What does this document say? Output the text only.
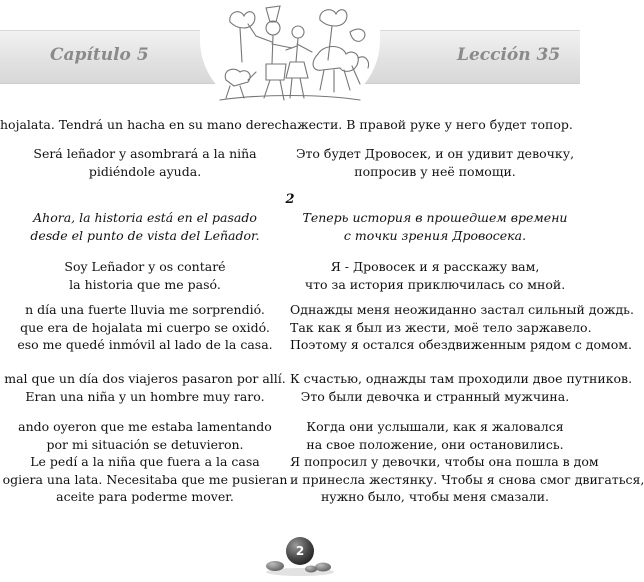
Capítulo 5	Lección 35

hojalata. Tendrá un hacha en su mano derecha.

Será leñador y asombrará a la niña
pidiéndole ayuda.

Ahora, la historia está en el pasado
desde el punto de vista del Leñador.

Soy Leñador y os contaré
la historia que me pasó.

n día una fuerte lluvia me sorprendió.
que era de hojalata mi cuerpo se oxidó.
eso me quedé inmóvil al lado de la casa.

mal que un día dos viajeros pasaron por allí.
Eran una niña y un hombre muy raro.

ando oyeron que me estaba lamentando
por mi situación se detuvieron.
Le pedí a la niña que fuera a la casa
ogiera una lata. Necesitaba que me pusieran
aceite para poderme mover.

жести. В правой руке у него будет топор.

Это будет Дровосек, и он удивит девочку,
попросив у неё помощи.

Теперь история в прошедшем времени
с точки зрения Дровосека.

Я - Дровосек и я расскажу вам,
что за история приключилась со мной.

Однажды меня неожиданно застал сильный дождь.
Так как я был из жести, моё тело заржавело.
Поэтому я остался обездвиженным рядом с домом.

К счастью, однажды там проходили двое путников.
Это были девочка и странный мужчина.

Когда они услышали, как я жаловался
на свое положение, они остановились.
Я попросил у девочки, чтобы она пошла в дом
и принесла жестянку. Чтобы я снова смог двигаться,
нужно было, чтобы меня смазали.

2
2
